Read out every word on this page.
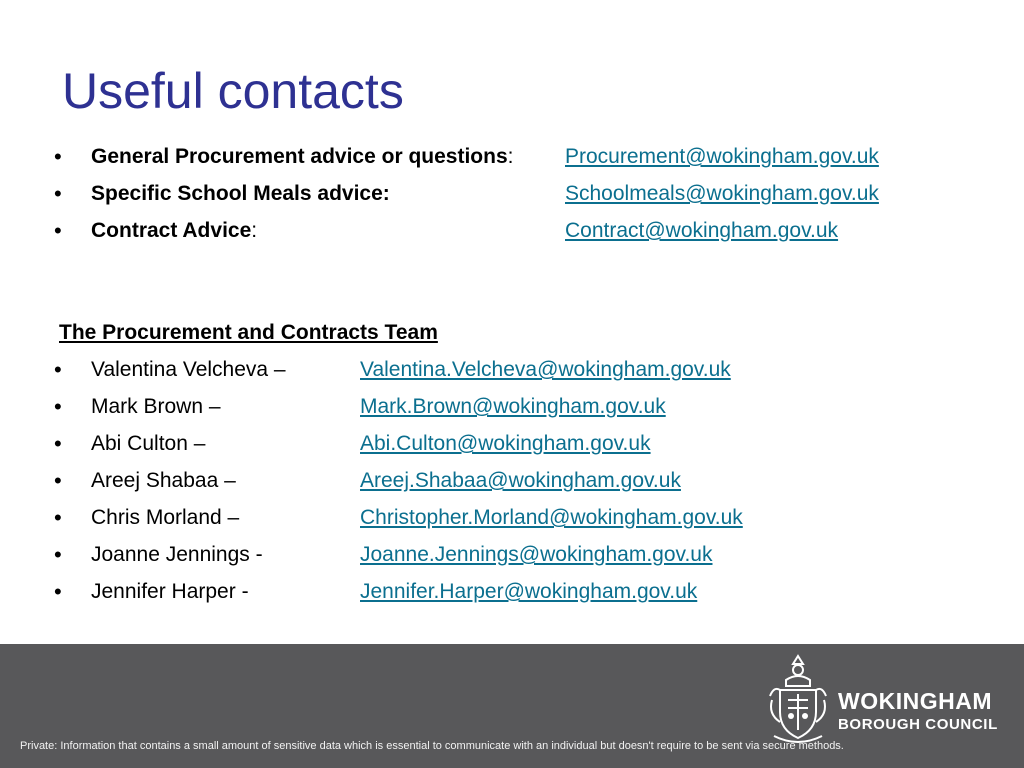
Useful contacts
• General Procurement advice or questions: Procurement@wokingham.gov.uk
• Specific School Meals advice:	Schoolmeals@wokingham.gov.uk
• Contract Advice:	Contract@wokingham.gov.uk
The Procurement and Contracts Team
• Valentina Velcheva –	Valentina.Velcheva@wokingham.gov.uk
• Mark Brown –	Mark.Brown@wokingham.gov.uk
• Abi Culton –	Abi.Culton@wokingham.gov.uk
• Areej Shabaa –	Areej.Shabaa@wokingham.gov.uk
• Chris Morland –	Christopher.Morland@wokingham.gov.uk
• Joanne Jennings -	Joanne.Jennings@wokingham.gov.uk
• Jennifer Harper -	Jennifer.Harper@wokingham.gov.uk
WOKINGHAM
BOROUGH COUNCIL
Private: Information that contains a small amount of sensitive data which is essential to communicate with an individual but doesn't require to be sent via secure methods.
